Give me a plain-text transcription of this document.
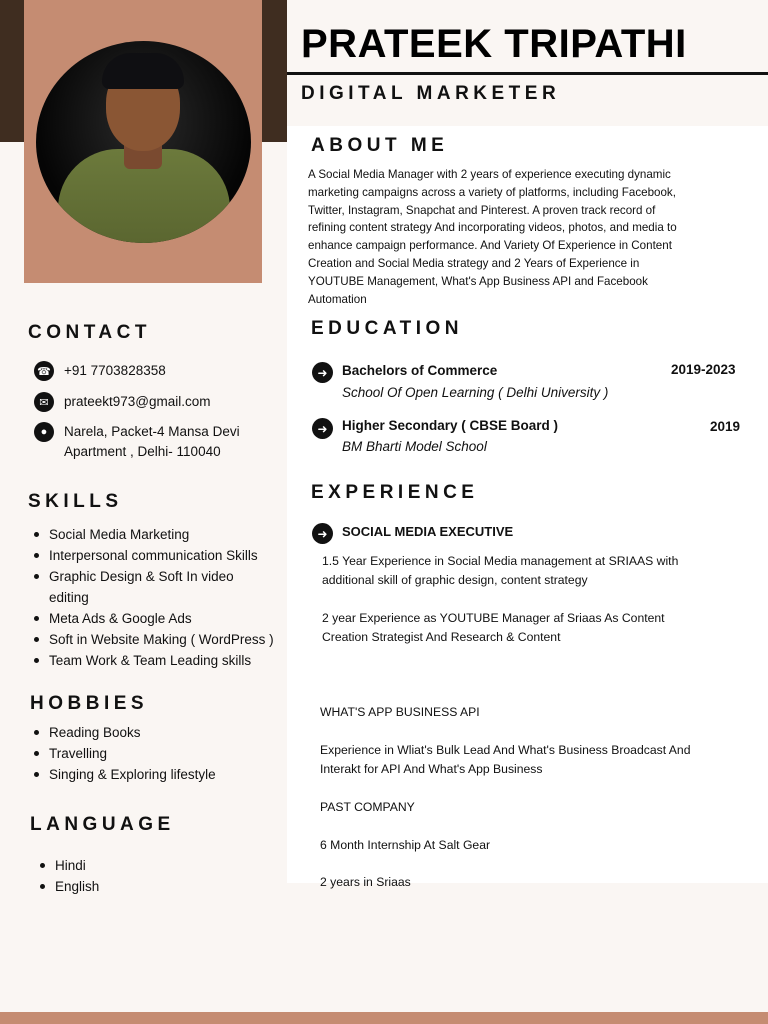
PRATEEK TRIPATHI
DIGITAL MARKETER
ABOUT ME
A Social Media Manager with 2 years of experience executing dynamic marketing campaigns across a variety of platforms, including Facebook, Twitter, Instagram, Snapchat and Pinterest. A proven track record of refining content strategy And incorporating videos, photos, and media to enhance campaign performance. And Variety Of Experience in Content Creation and Social Media strategy and 2 Years of Experience in YOUTUBE Management, What's App Business API and Facebook Automation
CONTACT
☎ +91 7703828358
✉	prateekt973@gmail.com
●	Narela, Packet-4 Mansa Devi
Apartment , Delhi- 110040
SKILLS
Social Media Marketing
Interpersonal communication Skills
Graphic Design & Soft In video
editing
Meta Ads & Google Ads
Soft in Website Making ( WordPress )
Team Work & Team Leading skills
HOBBIES
Reading Books
Travelling
Singing & Exploring lifestyle
LANGUAGE
Hindi
English
EDUCATION
➜	Bachelors of Commerce
School Of Open Learning ( Delhi University )
2019-2023
➜	Higher Secondary ( CBSE Board )
BM Bharti Model School
2019
EXPERIENCE
➜	SOCIAL MEDIA EXECUTIVE
1.5 Year Experience in Social Media management at SRIAAS with
additional skill of graphic design, content strategy
2 year Experience as YOUTUBE Manager af Sriaas As Content
Creation Strategist And Research & Content
WHAT'S APP BUSINESS API
Experience in Wliat's Bulk Lead And What's Business Broadcast And
Interakt for API And What's App Business
PAST COMPANY
6 Month Internship At Salt Gear
2 years in Sriaas
